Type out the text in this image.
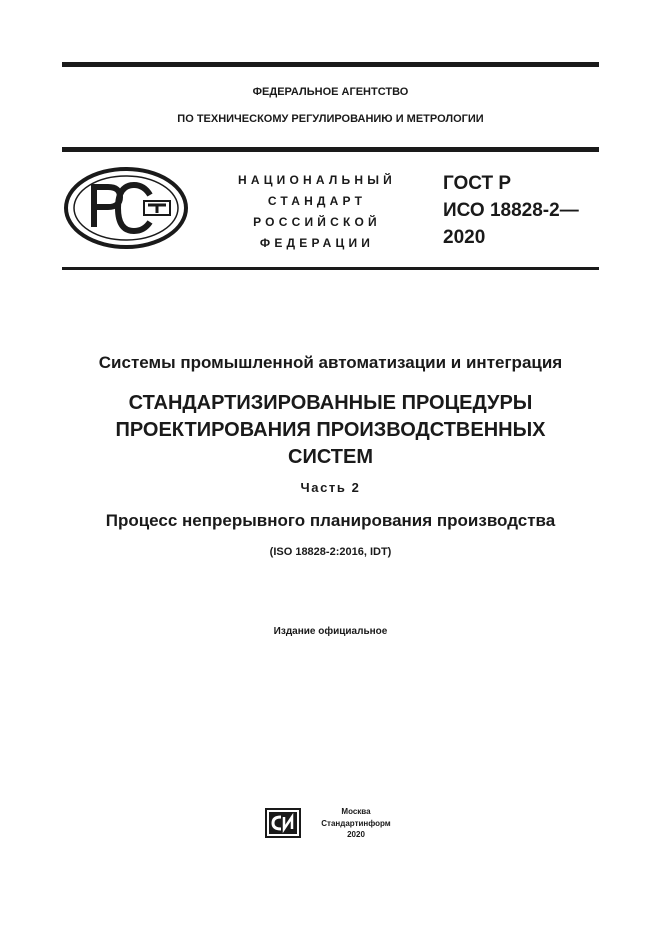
ФЕДЕРАЛЬНОЕ АГЕНТСТВО
ПО ТЕХНИЧЕСКОМУ РЕГУЛИРОВАНИЮ И МЕТРОЛОГИИ
НАЦИОНАЛЬНЫЙ
СТАНДАРТ
РОССИЙСКОЙ
ФЕДЕРАЦИИ
ГОСТ Р
ИСО 18828-2—
2020
Системы промышленной автоматизации и интеграция
СТАНДАРТИЗИРОВАННЫЕ ПРОЦЕДУРЫ
ПРОЕКТИРОВАНИЯ ПРОИЗВОДСТВЕННЫХ
СИСТЕМ
Часть 2
Процесс непрерывного планирования производства
(ISO 18828-2:2016, IDT)
Издание официальное
Москва
Стандартинформ
2020
